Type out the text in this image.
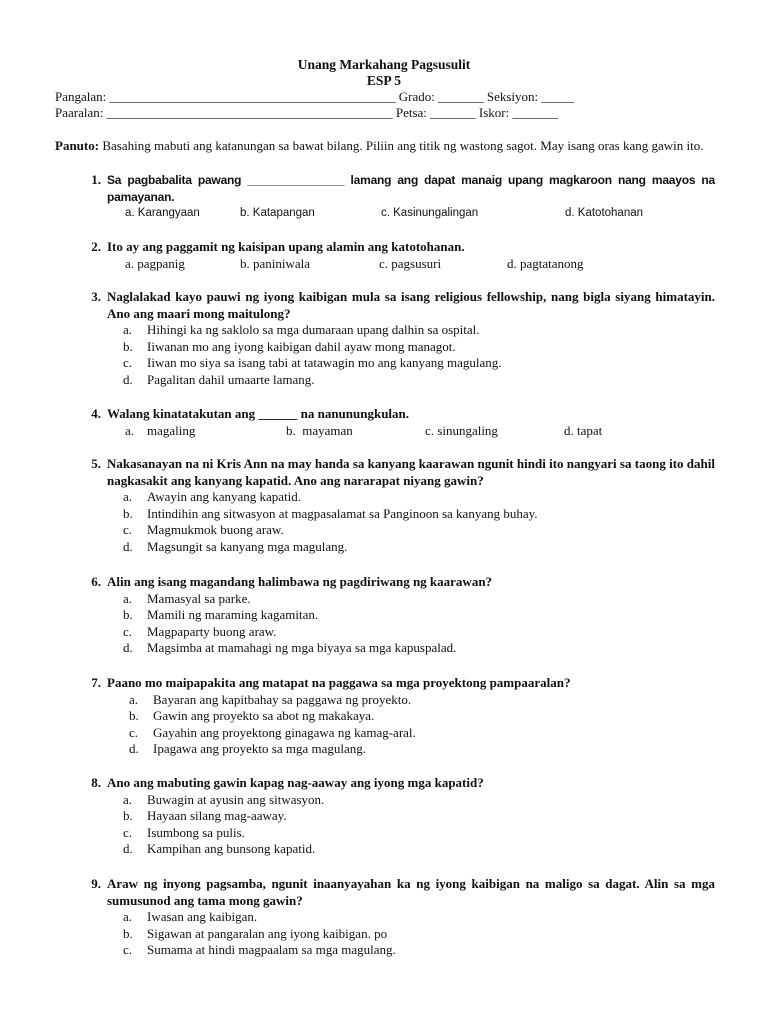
Unang Markahang Pagsusulit
ESP 5
Pangalan: ____________________________________________ Grado: _______ Seksiyon: _____
Paaralan: ____________________________________________ Petsa: _______ Iskor: _______
Panuto: Basahing mabuti ang katanungan sa bawat bilang. Piliin ang titik ng wastong sagot. May isang oras kang gawin ito.
1. Sa pagbabalita pawang _______________ lamang ang dapat manaig upang magkaroon nang maayos na pamayanan.
a. Karangyaan	b. Katapangan	c. Kasinungalingan	d. Katotohanan
2. Ito ay ang paggamit ng kaisipan upang alamin ang katotohanan.
a. pagpanig	b. paniniwala	c. pagsusuri	d. pagtatanong
3. Naglalakad kayo pauwi ng iyong kaibigan mula sa isang religious fellowship, nang bigla siyang himatayin. Ano ang maari mong maitulong?
a.	Hihingi ka ng saklolo sa mga dumaraan upang dalhin sa ospital.
b.	Iiwanan mo ang iyong kaibigan dahil ayaw mong managot.
c.	Iiwan mo siya sa isang tabi at tatawagin mo ang kanyang magulang.
d.	Pagalitan dahil umaarte lamang.
4. Walang kinatatakutan ang ______ na nanunungkulan.

a.    magaling

	b.  mayaman

	c. sinungaling

	d. tapat

5. Nakasanayan na ni Kris Ann na may handa sa kanyang kaarawan ngunit hindi ito nangyari sa taong ito dahil nagkasakit ang kanyang kapatid. Ano ang nararapat niyang gawin?
a.	Awayin ang kanyang kapatid.
b.	Intindihin ang sitwasyon at magpasalamat sa Panginoon sa kanyang buhay.
c.	Magmukmok buong araw.
d.	Magsungit sa kanyang mga magulang.
6. Alin ang isang magandang halimbawa ng pagdiriwang ng kaarawan?
a.	Mamasyal sa parke.
b.	Mamili ng maraming kagamitan.
c.	Magpaparty buong araw.
d.	Magsimba at mamahagi ng mga biyaya sa mga kapuspalad.
7. Paano mo maipapakita ang matapat na paggawa sa mga proyektong pampaaralan?
a.	Bayaran ang kapitbahay sa paggawa ng proyekto.
b.	Gawin ang proyekto sa abot ng makakaya.
c.	Gayahin ang proyektong ginagawa ng kamag-aral.
d.	Ipagawa ang proyekto sa mga magulang.
8. Ano ang mabuting gawin kapag nag-aaway ang iyong mga kapatid?
a.	Buwagin at ayusin ang sitwasyon.
b.	Hayaan silang mag-aaway.
c.	Isumbong sa pulis.
d.	Kampihan ang bunsong kapatid.
9. Araw ng inyong pagsamba, ngunit inaanyayahan ka ng iyong kaibigan na maligo sa dagat. Alin sa mga sumusunod ang tama mong gawin?
a.	Iwasan ang kaibigan.
b.	Sigawan at pangaralan ang iyong kaibigan. po
c.	Sumama at hindi magpaalam sa mga magulang.
